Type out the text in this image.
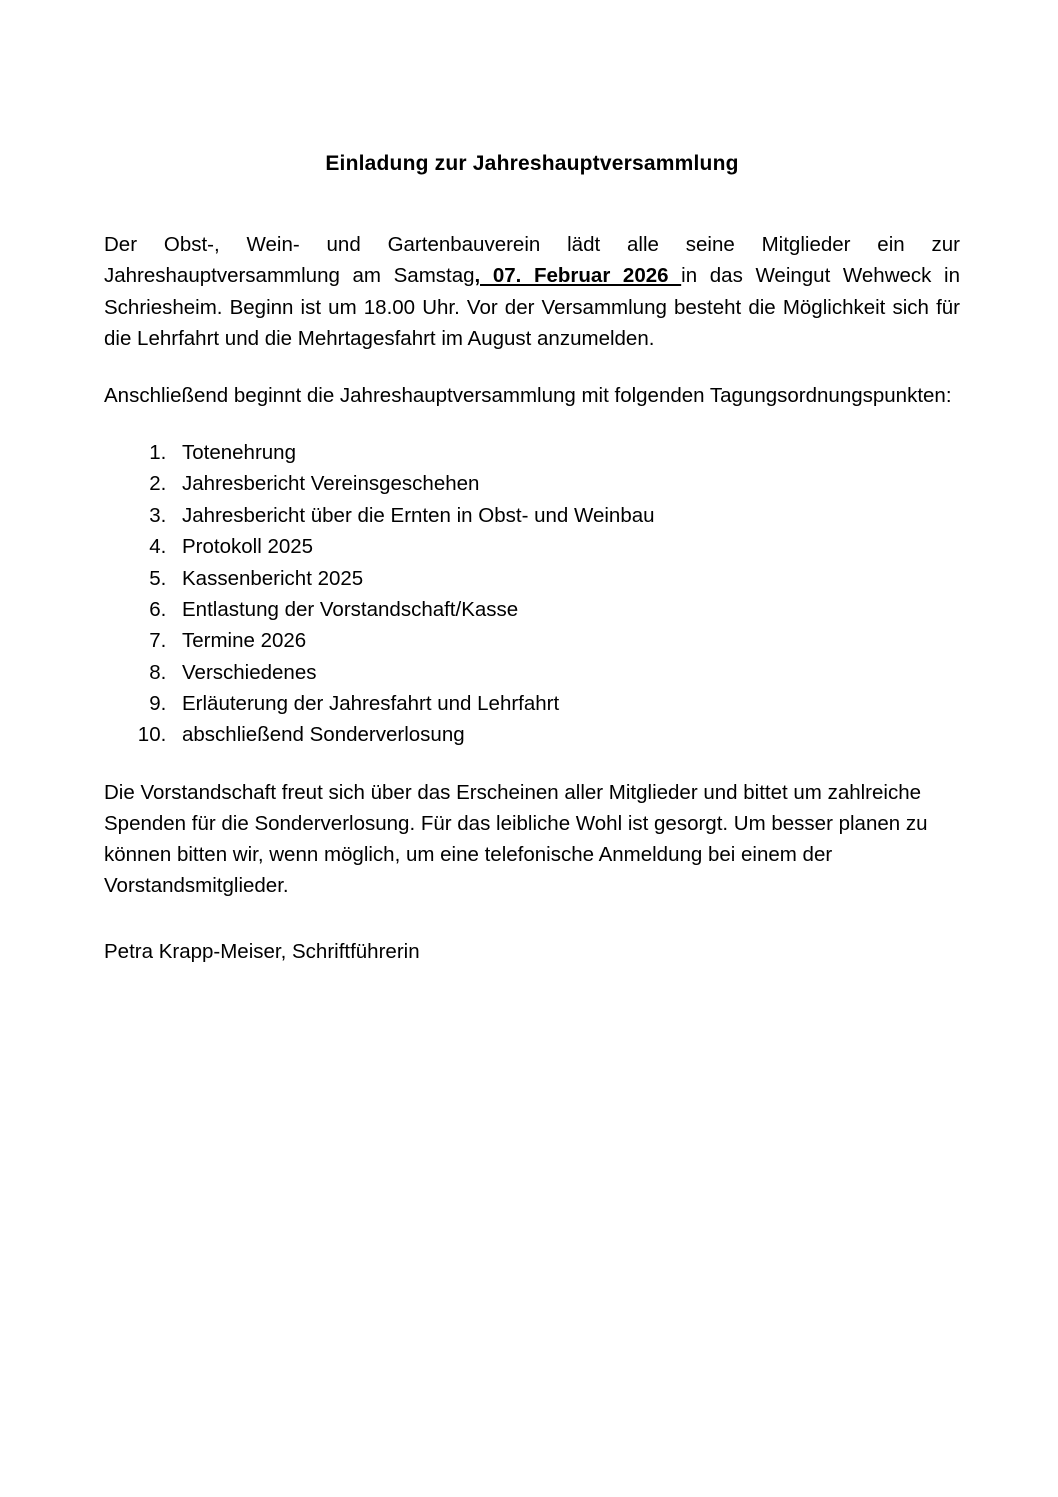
Einladung zur Jahreshauptversammlung

Der Obst-, Wein- und Gartenbauverein lädt alle seine Mitglieder ein zur Jahreshauptversammlung am Samstag, 07. Februar 2026 in das Weingut Wehweck in Schriesheim. Beginn ist um 18.00 Uhr. Vor der Versammlung besteht die Möglichkeit sich für die Lehrfahrt und die Mehrtagesfahrt im August anzumelden.

Anschließend beginnt die Jahreshauptversammlung mit folgenden Tagungsordnungspunkten:

1. Totenehrung
2. Jahresbericht Vereinsgeschehen
3. Jahresbericht über die Ernten in Obst- und Weinbau
4. Protokoll 2025
5. Kassenbericht 2025
6. Entlastung der Vorstandschaft/Kasse
7. Termine 2026
8. Verschiedenes
9. Erläuterung der Jahresfahrt und Lehrfahrt
10. abschließend Sonderverlosung

Die Vorstandschaft freut sich über das Erscheinen aller Mitglieder und bittet um zahlreiche Spenden für die Sonderverlosung. Für das leibliche Wohl ist gesorgt. Um besser planen zu können bitten wir, wenn möglich, um eine telefonische Anmeldung bei einem der Vorstandsmitglieder.

Petra Krapp-Meiser, Schriftführerin
